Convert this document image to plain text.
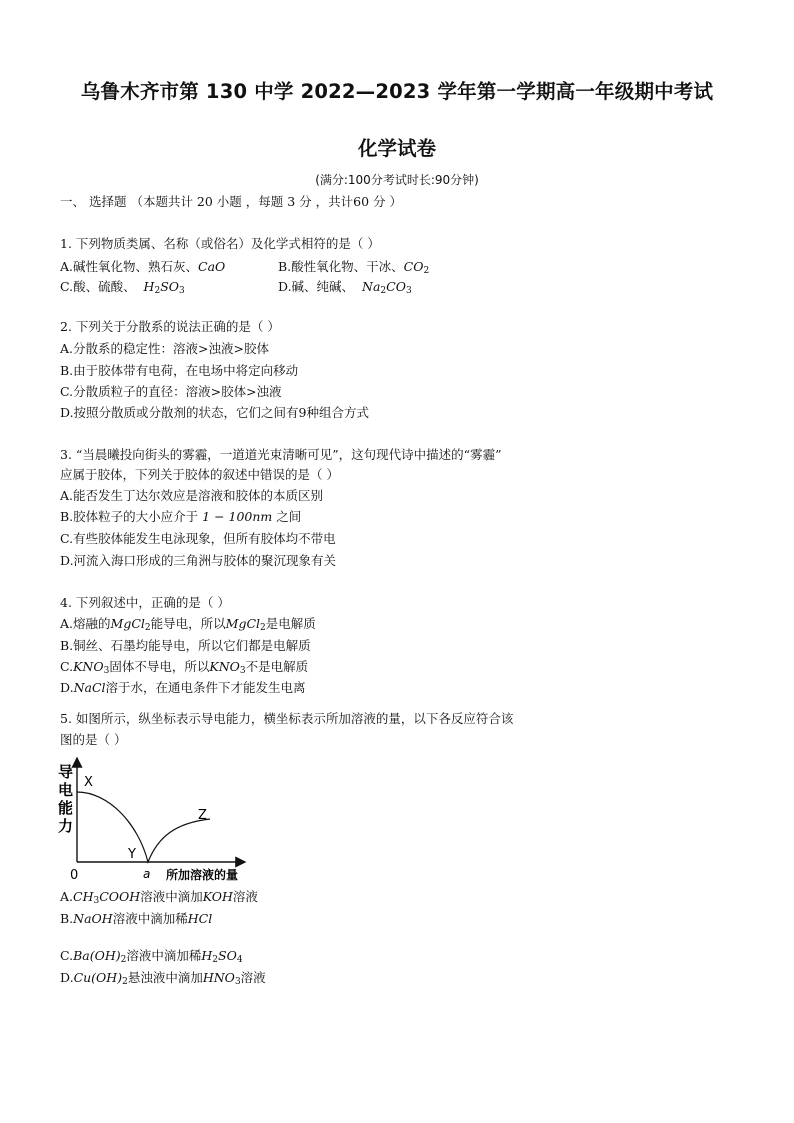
乌鲁木齐市第 130 中学 2022—2023 学年第一学期高一年级期中考试
化学试卷
(满分:100分考试时长:90分钟)
一、 选择题 （本题共计 20 小题 ，每题 3 分 ，共计60 分 ）
1. 下列物质类属、名称（或俗名）及化学式相符的是（ ）
A.碱性氧化物、熟石灰、CaO	B.酸性氧化物、干冰、$CO_2$
C.酸、硫酸、 $H_2SO_3$	D.碱、纯碱、 $Na_2CO_3$
2. 下列关于分散系的说法正确的是（ ）
A.分散系的稳定性：溶液>浊液>胶体
B.由于胶体带有电荷，在电场中将定向移动
C.分散质粒子的直径：溶液>胶体>浊液
D.按照分散质或分散剂的状态，它们之间有9种组合方式
3. “当晨曦投向街头的雾霾，一道道光束清晰可见”，这句现代诗中描述的“雾霾”
应属于胶体，下列关于胶体的叙述中错误的是（ ）
A.能否发生丁达尔效应是溶液和胶体的本质区别
B.胶体粒子的大小应介于 1 − 100nm 之间
C.有些胶体能发生电泳现象，但所有胶体均不带电
D.河流入海口形成的三角洲与胶体的聚沉现象有关
4. 下列叙述中，正确的是（ ）
A.熔融的MgCl$_2$能导电，所以MgCl$_2$是电解质
B.铜丝、石墨均能导电，所以它们都是电解质
$C.KNO_3$固体不导电，所以$KNO_3$不是电解质
D.NaCl溶于水，在通电条件下才能发生电离
5. 如图所示，纵坐标表示导电能力，横坐标表示所加溶液的量，以下各反应符合该
图的是（ ）
导
电
能
力
X
Y
Z
0	a 所加溶液的量
$A.CH_3COOH$溶液中滴加KOH溶液
B.NaOH溶液中滴加稀HCl
$C.Ba(OH)_2$溶液中滴加稀$H_2SO_4$
$D.Cu(OH)_2$悬浊液中滴加$HNO_3$溶液
